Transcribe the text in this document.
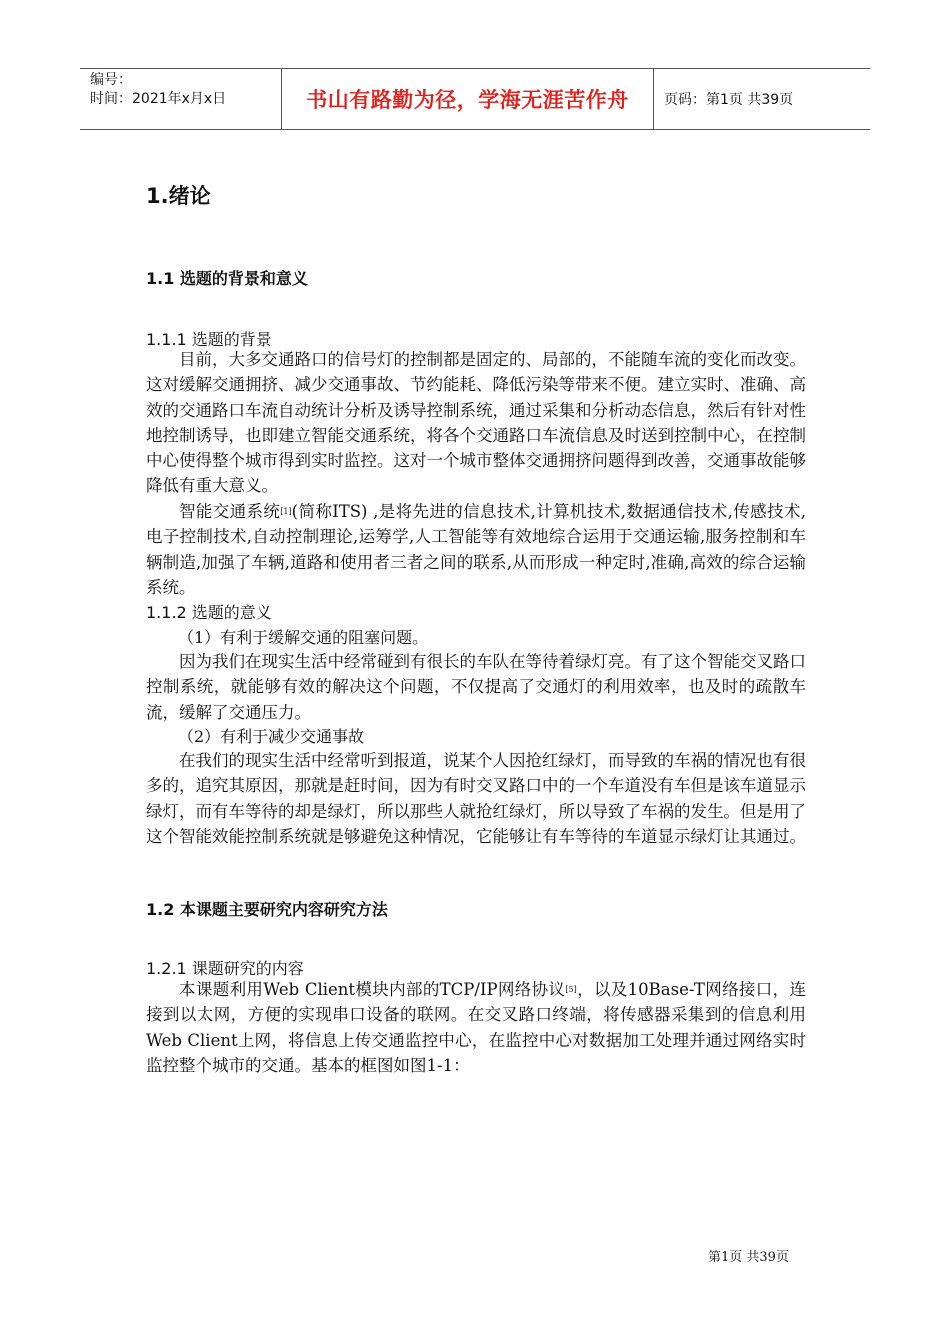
编号：
时间：2021年x月x日	书山有路勤为径，学海无涯苦作舟	页码：第1页 共39页
1.绪论
1.1 选题的背景和意义
1.1.1 选题的背景
目前，大多交通路口的信号灯的控制都是固定的、局部的，不能随车流的变化而改变。这对缓解交通拥挤、减少交通事故、节约能耗、降低污染等带来不便。建立实时、准确、高效的交通路口车流自动统计分析及诱导控制系统，通过采集和分析动态信息，然后有针对性地控制诱导，也即建立智能交通系统，将各个交通路口车流信息及时送到控制中心，在控制中心使得整个城市得到实时监控。这对一个城市整体交通拥挤问题得到改善，交通事故能够降低有重大意义。
智能交通系统[1](简称ITS) ,是将先进的信息技术,计算机技术,数据通信技术,传感技术,电子控制技术,自动控制理论,运筹学,人工智能等有效地综合运用于交通运输,服务控制和车辆制造,加强了车辆,道路和使用者三者之间的联系,从而形成一种定时,准确,高效的综合运输系统。
1.1.2 选题的意义
（1）有利于缓解交通的阻塞问题。
因为我们在现实生活中经常碰到有很长的车队在等待着绿灯亮。有了这个智能交叉路口控制系统，就能够有效的解决这个问题，不仅提高了交通灯的利用效率，也及时的疏散车流，缓解了交通压力。
（2）有利于减少交通事故
在我们的现实生活中经常听到报道，说某个人因抢红绿灯，而导致的车祸的情况也有很多的，追究其原因，那就是赶时间，因为有时交叉路口中的一个车道没有车但是该车道显示绿灯，而有车等待的却是绿灯，所以那些人就抢红绿灯，所以导致了车祸的发生。但是用了这个智能效能控制系统就是够避免这种情况，它能够让有车等待的车道显示绿灯让其通过。
1.2 本课题主要研究内容研究方法
1.2.1 课题研究的内容
本课题利用Web Client模块内部的TCP/IP网络协议[5]，以及10Base-T网络接口，连接到以太网，方便的实现串口设备的联网。在交叉路口终端，将传感器采集到的信息利用Web Client上网，将信息上传交通监控中心，在监控中心对数据加工处理并通过网络实时监控整个城市的交通。基本的框图如图1-1：
第1页 共39页
